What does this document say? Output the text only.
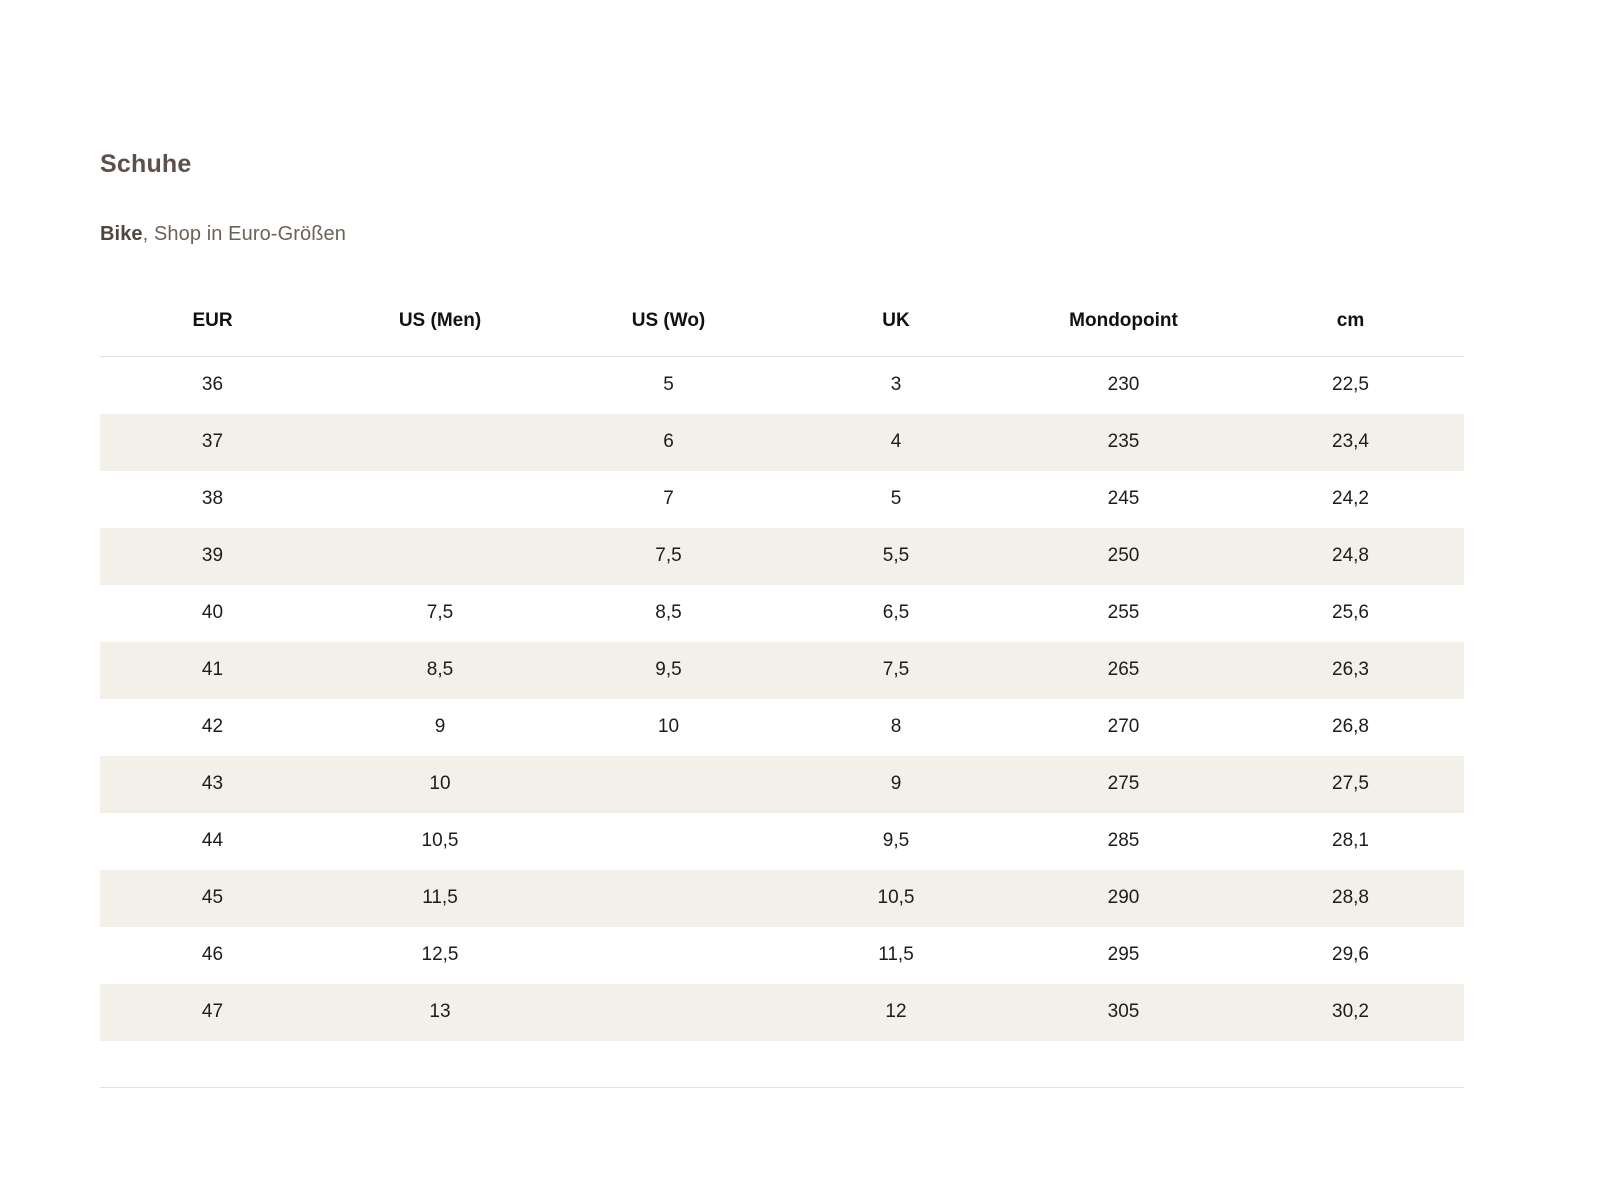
Schuhe
Bike, Shop in Euro-Größen
EUR	US (Men)	US (Wo)	UK	Mondopoint	cm
36		5	3	230	22,5
37		6	4	235	23,4
38		7	5	245	24,2
39		7,5	5,5	250	24,8
40	7,5	8,5	6,5	255	25,6
41	8,5	9,5	7,5	265	26,3
42	9	10	8	270	26,8
43	10		9	275	27,5
44	10,5		9,5	285	28,1
45	11,5		10,5	290	28,8
46	12,5		11,5	295	29,6
47	13		12	305	30,2
